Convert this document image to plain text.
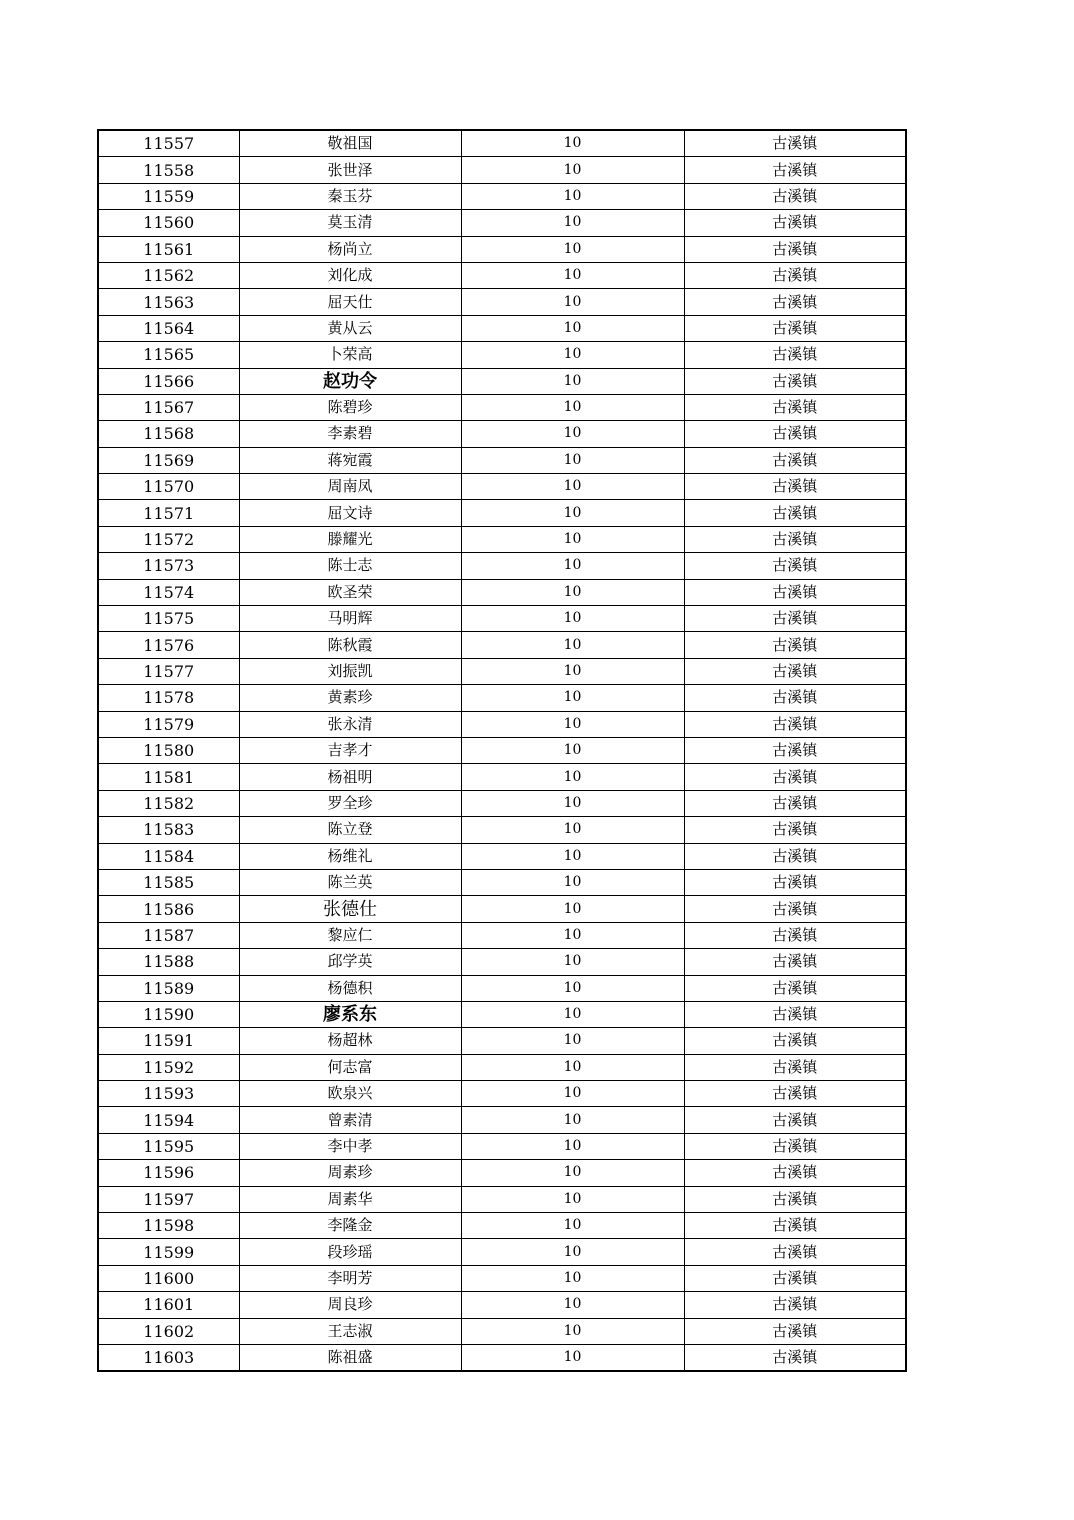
11557	敬祖国	10	古溪镇
11558	张世泽	10	古溪镇
11559	秦玉芬	10	古溪镇
11560	莫玉清	10	古溪镇
11561	杨尚立	10	古溪镇
11562	刘化成	10	古溪镇
11563	屈天仕	10	古溪镇
11564	黄从云	10	古溪镇
11565	卜荣高	10	古溪镇
11566	赵功令	10	古溪镇
11567	陈碧珍	10	古溪镇
11568	李素碧	10	古溪镇
11569	蒋宛霞	10	古溪镇
11570	周南凤	10	古溪镇
11571	屈文诗	10	古溪镇
11572	滕耀光	10	古溪镇
11573	陈士志	10	古溪镇
11574	欧圣荣	10	古溪镇
11575	马明辉	10	古溪镇
11576	陈秋霞	10	古溪镇
11577	刘振凯	10	古溪镇
11578	黄素珍	10	古溪镇
11579	张永清	10	古溪镇
11580	吉孝才	10	古溪镇
11581	杨祖明	10	古溪镇
11582	罗全珍	10	古溪镇
11583	陈立登	10	古溪镇
11584	杨维礼	10	古溪镇
11585	陈兰英	10	古溪镇
11586	张德仕	10	古溪镇
11587	黎应仁	10	古溪镇
11588	邱学英	10	古溪镇
11589	杨德积	10	古溪镇
11590	廖系东	10	古溪镇
11591	杨超林	10	古溪镇
11592	何志富	10	古溪镇
11593	欧泉兴	10	古溪镇
11594	曾素清	10	古溪镇
11595	李中孝	10	古溪镇
11596	周素珍	10	古溪镇
11597	周素华	10	古溪镇
11598	李隆金	10	古溪镇
11599	段珍瑶	10	古溪镇
11600	李明芳	10	古溪镇
11601	周良珍	10	古溪镇
11602	王志淑	10	古溪镇
11603	陈祖盛	10	古溪镇
